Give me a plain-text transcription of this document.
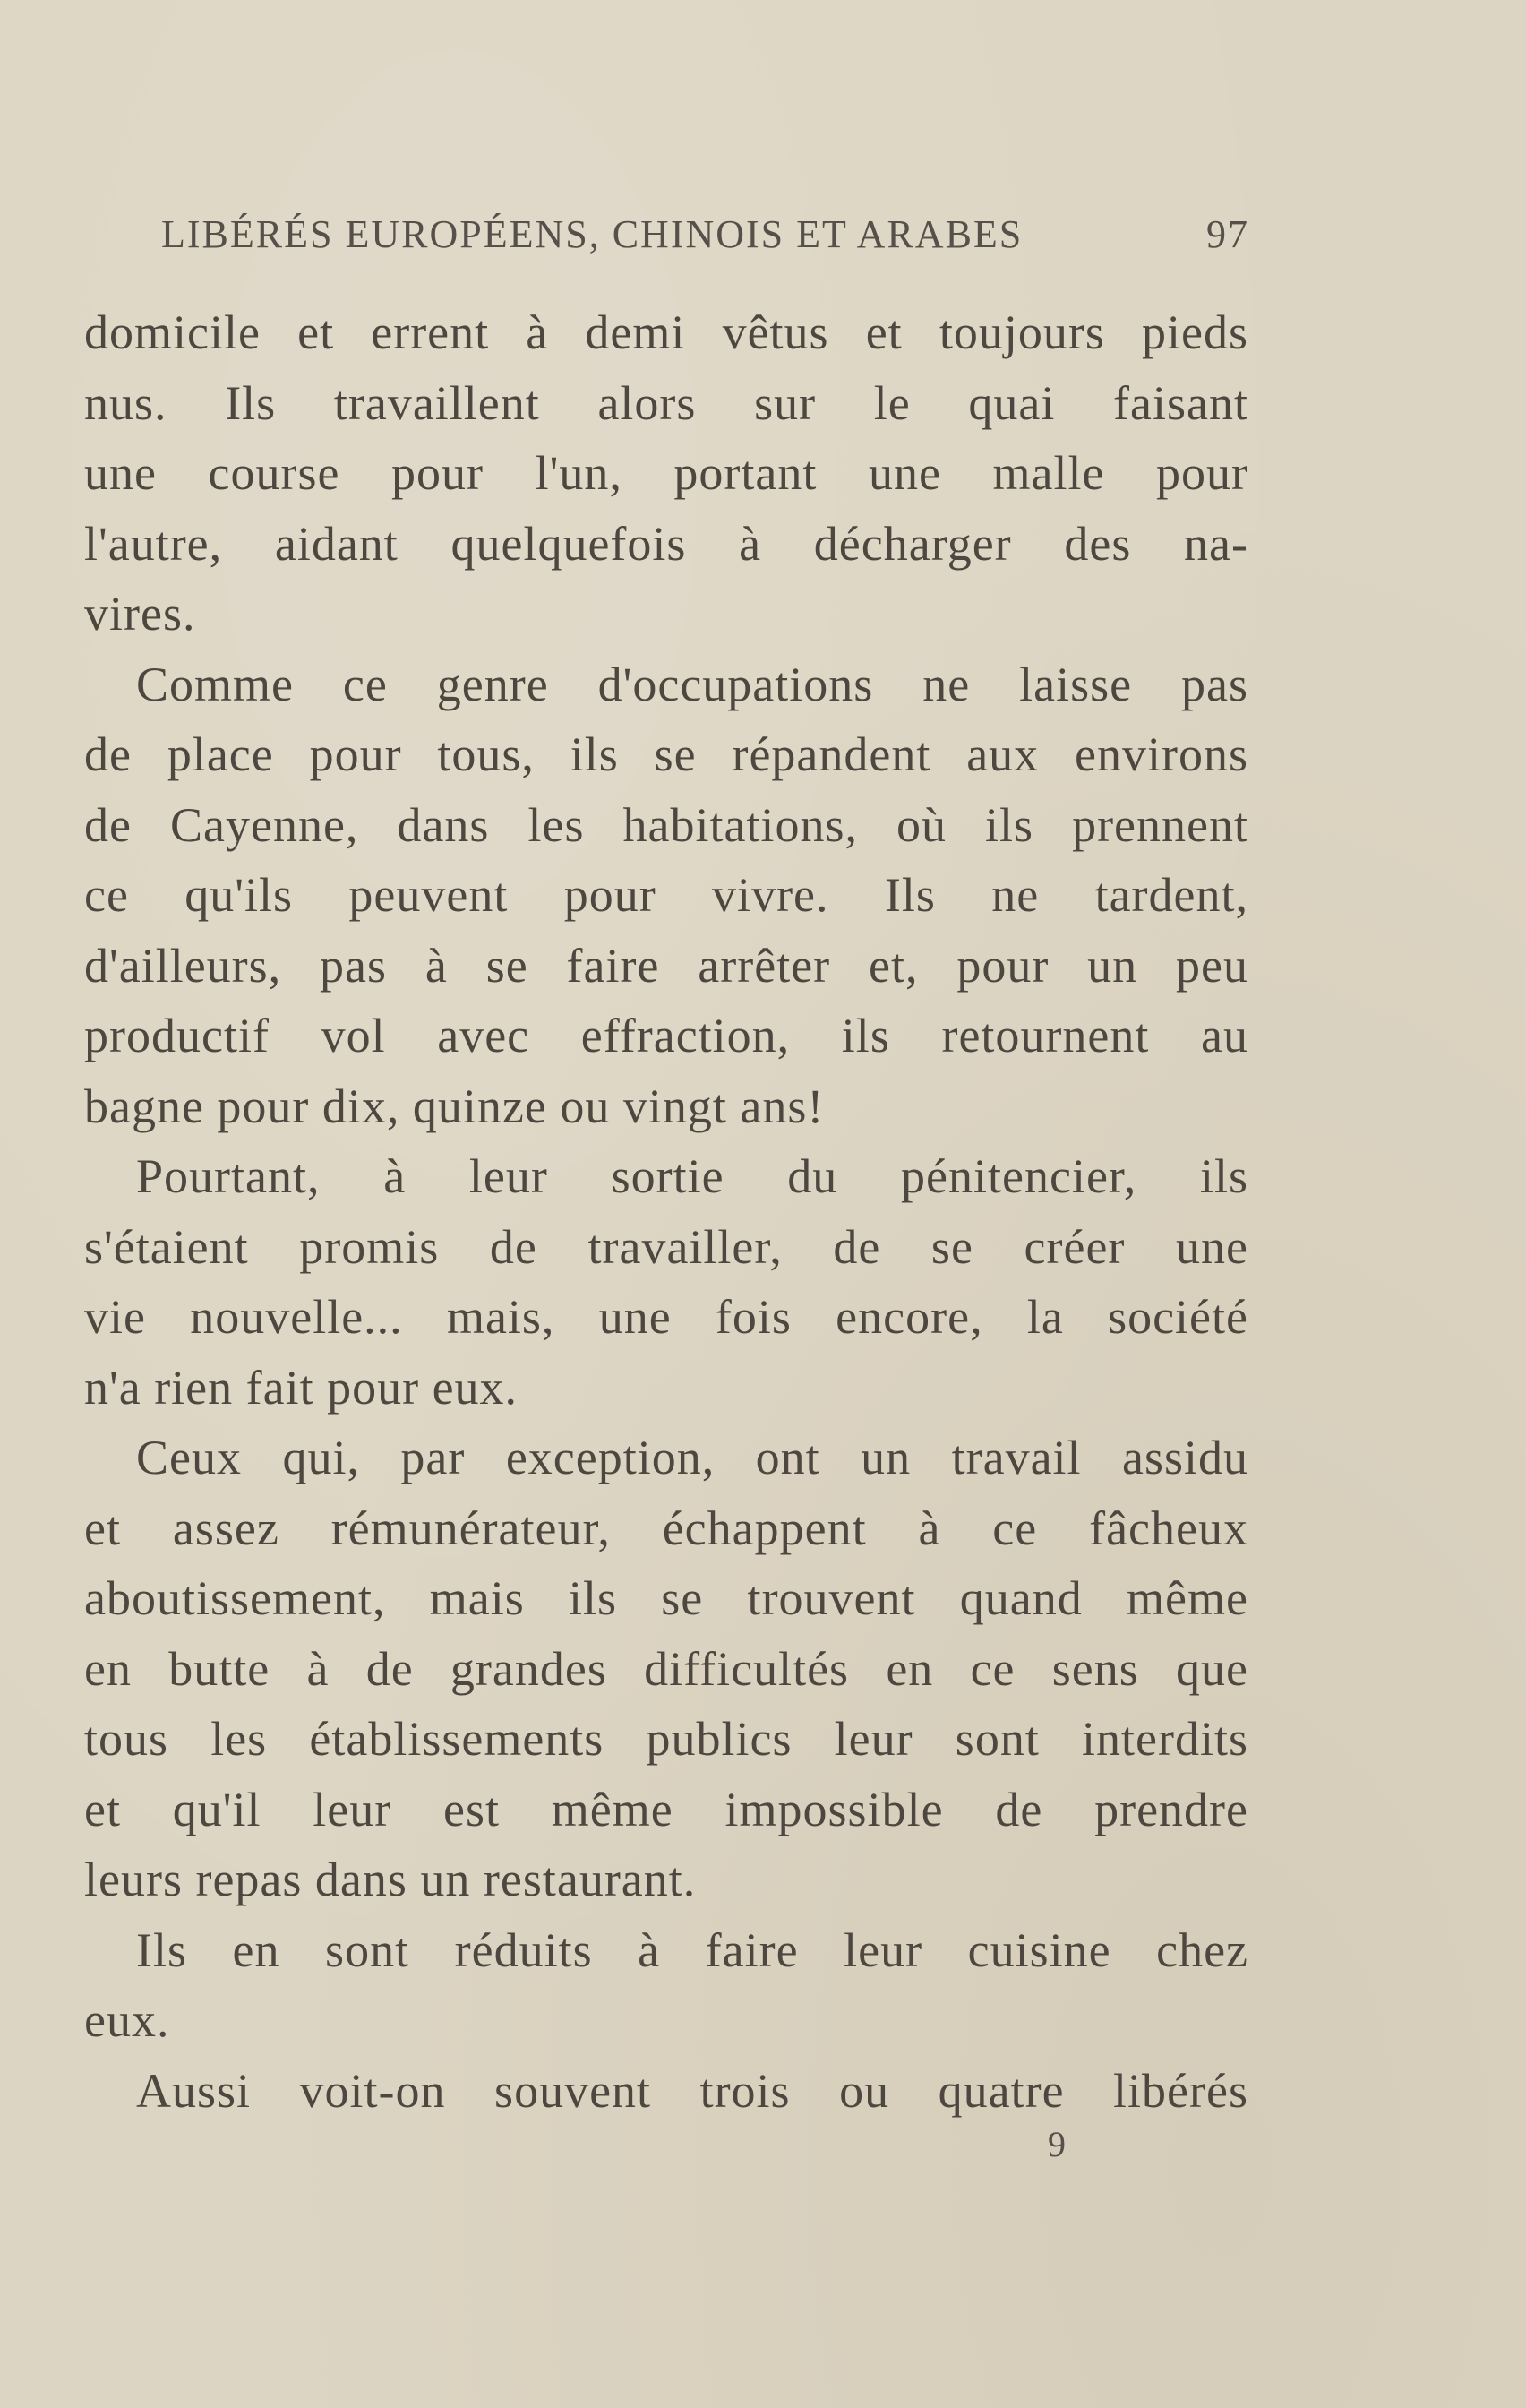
LIBÉRÉS EUROPÉENS, CHINOIS ET ARABES	97
domicile et errent à demi vêtus et toujours pieds
nus. Ils travaillent alors sur le quai faisant
une course pour l'un, portant une malle pour
l'autre, aidant quelquefois à décharger des na-
vires.
Comme ce genre d'occupations ne laisse pas
de place pour tous, ils se répandent aux environs
de Cayenne, dans les habitations, où ils prennent
ce qu'ils peuvent pour vivre. Ils ne tardent,
d'ailleurs, pas à se faire arrêter et, pour un peu
productif vol avec effraction, ils retournent au
bagne pour dix, quinze ou vingt ans!
Pourtant, à leur sortie du pénitencier, ils
s'étaient promis de travailler, de se créer une
vie nouvelle... mais, une fois encore, la société
n'a rien fait pour eux.
Ceux qui, par exception, ont un travail assidu
et assez rémunérateur, échappent à ce fâcheux
aboutissement, mais ils se trouvent quand même
en butte à de grandes difficultés en ce sens que
tous les établissements publics leur sont interdits
et qu'il leur est même impossible de prendre
leurs repas dans un restaurant.
Ils en sont réduits à faire leur cuisine chez
eux.
Aussi voit-on souvent trois ou quatre libérés
9
